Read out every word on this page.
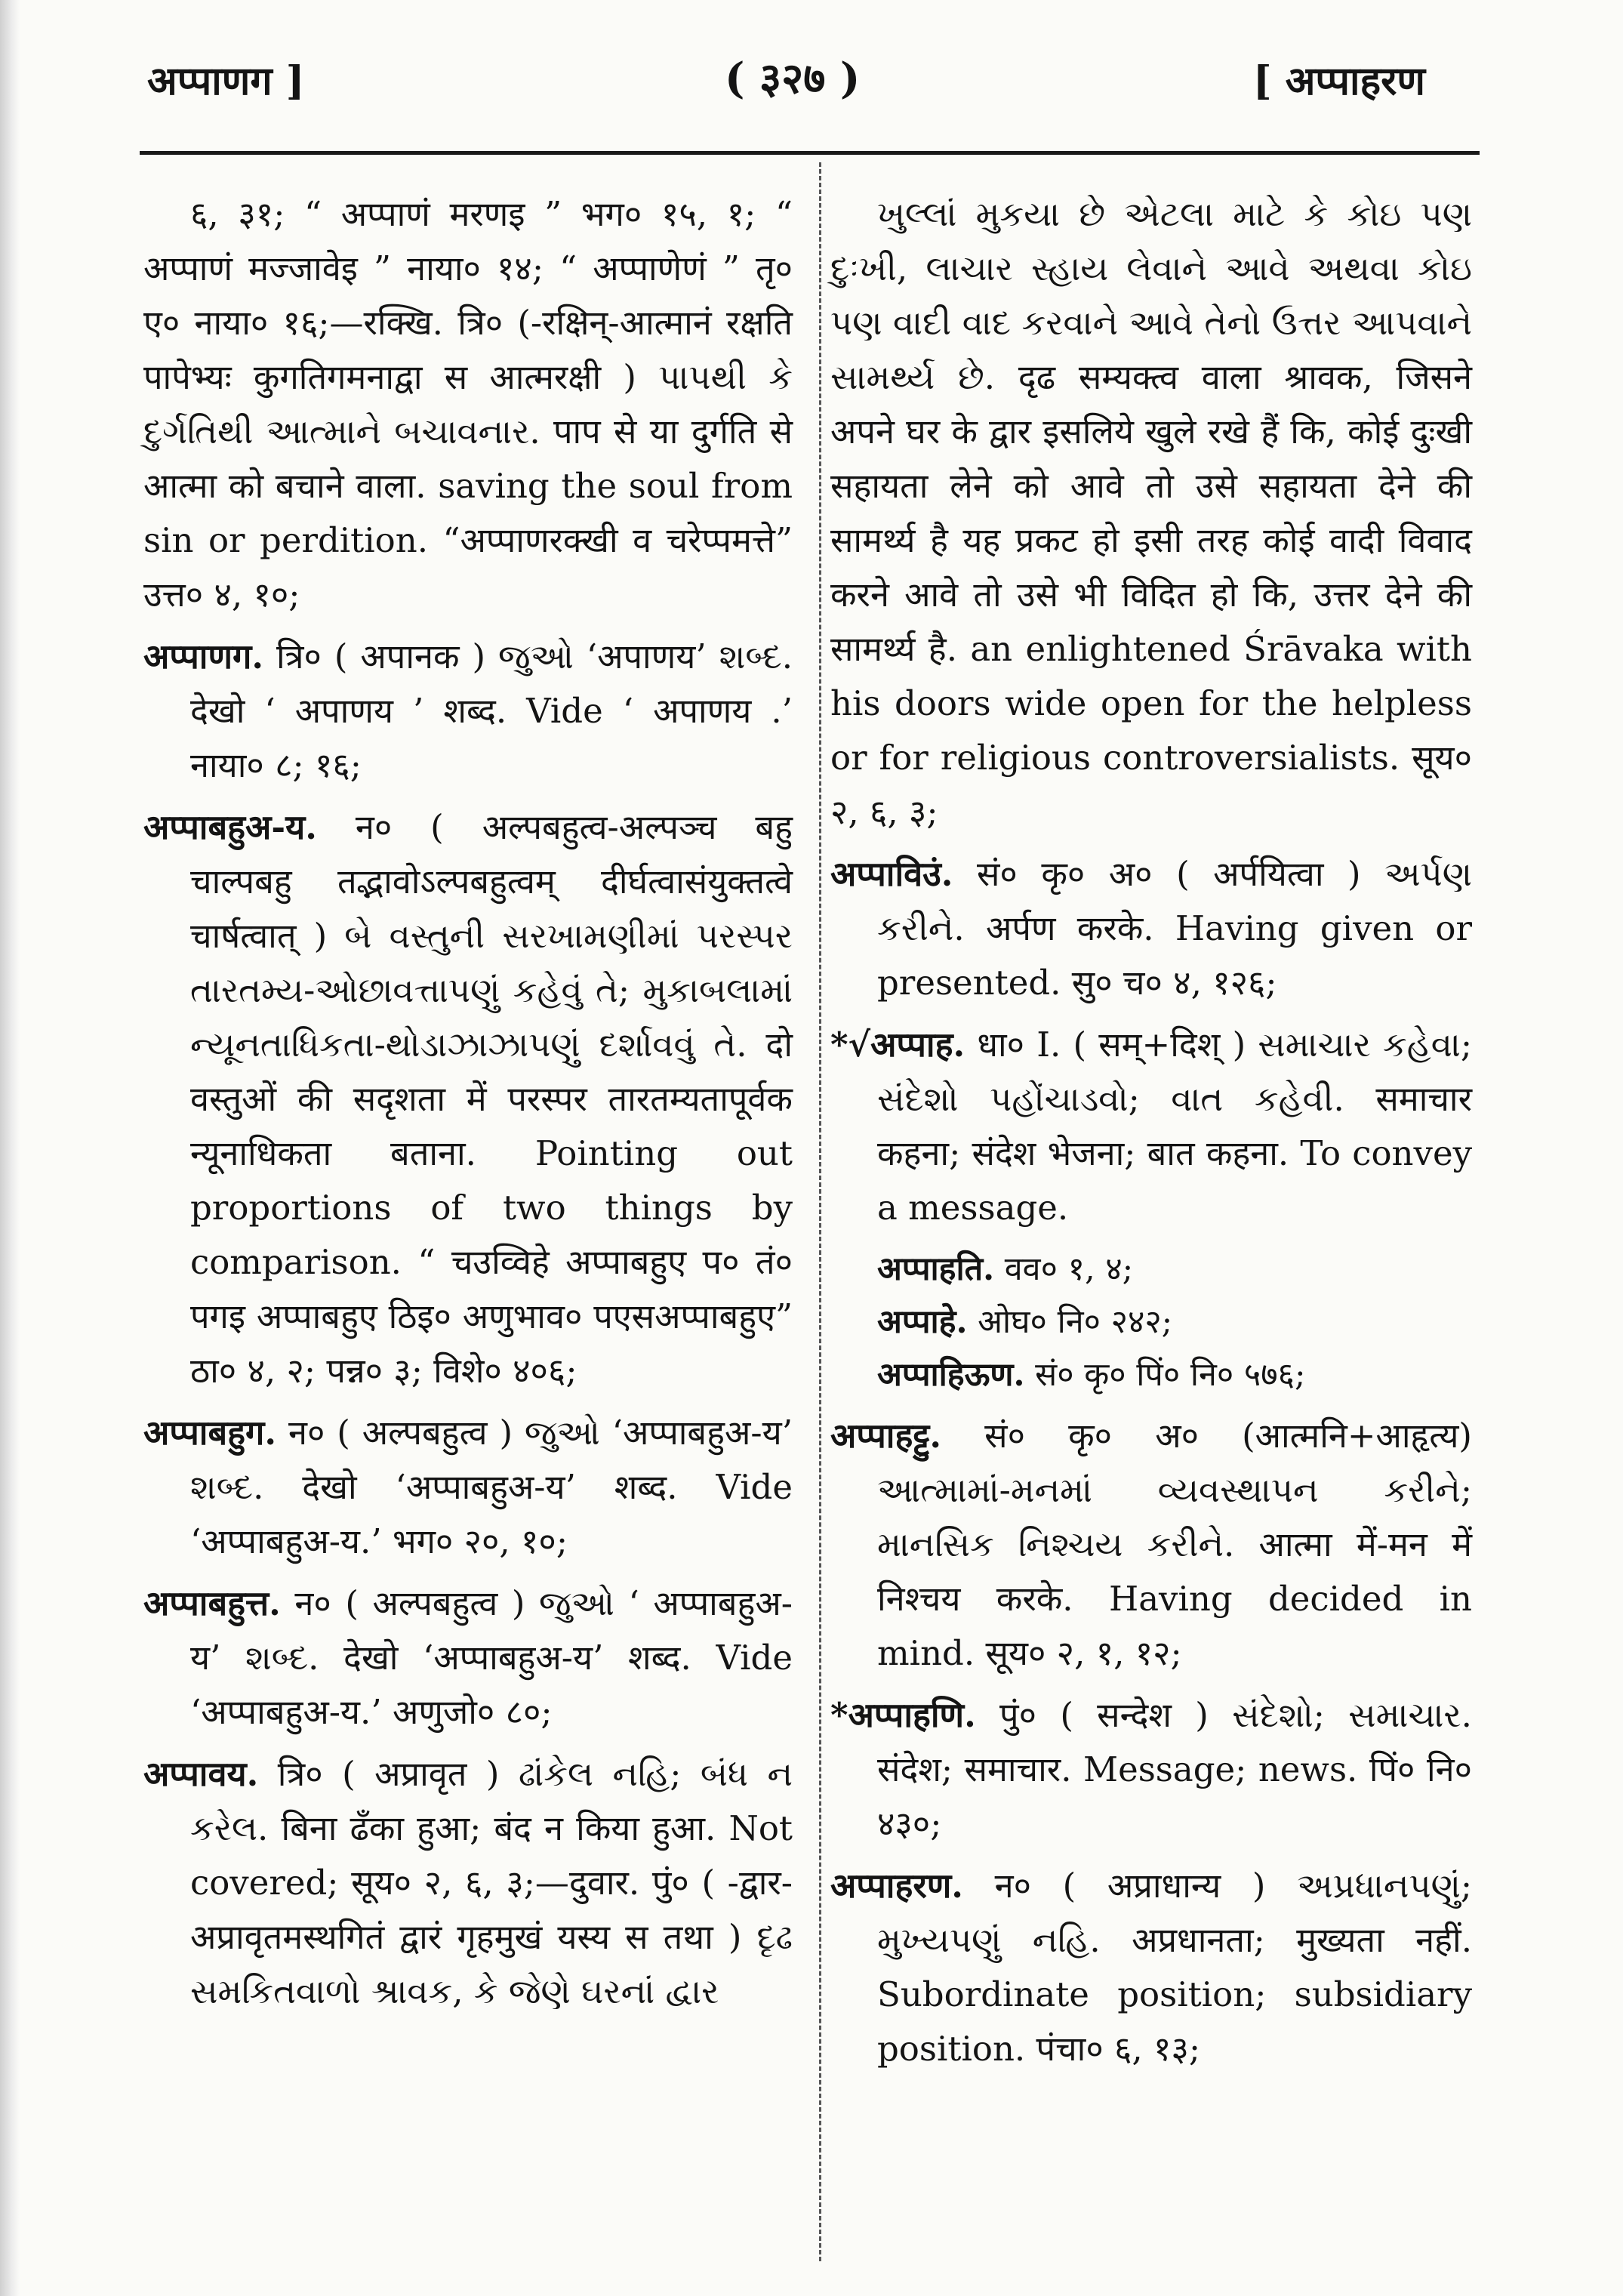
अप्पाणग ]	( ३२७ )	[ अप्पाहरण
६, ३१; “ अप्पाणं मरणइ ” भग० १५, १; “ अप्पाणं मज्जावेइ ” नाया० १४; “ अप्पाणेणं ” तृ० ए० नाया० १६;—रक्खि. त्रि० (-रक्षिन्-आत्मानं रक्षति पापेभ्यः कुगतिगमनाद्वा स आत्मरक्षी ) પાપથી કે દુર્ગતિથી આત્માને બચાવનાર. पाप से या दुर्गति से आत्मा को बचाने वाला. saving the soul from sin or perdition. “अप्पाणरक्खी व चरेप्पमत्ते” उत्त० ४, १०;
अप्पाणग. त्रि० ( अपानक ) જુઓ ‘अपाणय’ શબ્દ. देखो ‘ अपाणय ’ शब्द. Vide ‘ अपाणय .’ नाया० ८; १६;
अप्पाबहुअ-य. न० ( अल्पबहुत्व-अल्पञ्च बहु चाल्पबहु तद्भावोऽल्पबहुत्वम् दीर्घत्वासंयुक्तत्वे चार्षत्वात् ) બે વસ્તુની સરખામણીમાં પરસ્પર તારતમ્ય-ઓછાવત્તાપણું કહેવું તે; મુકાબલામાં ન્યૂનતાધિકતા-થોડાઝાઝાપણું દર્શાવવું તે. दो वस्तुओं की सदृशता में परस्पर तारतम्यतापूर्वक न्यूनाधिकता बताना. Pointing out proportions of two things by comparison. “ चउव्विहे अप्पाबहुए प० तं० पगइ अप्पाबहुए ठिइ० अणुभाव० पएसअप्पाबहुए” ठा० ४, २; पन्न० ३; विशे० ४०६;
अप्पाबहुग. न० ( अल्पबहुत्व ) જુઓ ‘अप्पाबहुअ-य’ શબ્દ. देखो ‘अप्पाबहुअ-य’ शब्द. Vide ‘अप्पाबहुअ-य.’ भग० २०, १०;
अप्पाबहुत्त. न० ( अल्पबहुत्व ) જુઓ ‘ अप्पाबहुअ-य’ શબ્દ. देखो ‘अप्पाबहुअ-य’ शब्द. Vide ‘अप्पाबहुअ-य.’ अणुजो० ८०;
अप्पावय. त्रि० ( अप्रावृत ) ઢાંકેલ નહિ; બંધ ન કરેલ. बिना ढँका हुआ; बंद न किया हुआ. Not covered; सूय० २, ६, ३;—दुवार. पुं० ( -द्वार-अप्रावृतमस्थगितं द्वारं गृहमुखं यस्य स तथा ) દૃઢ સમકિતવાળો શ્રાવક, કે જેણે ઘરનાં દ્વાર
ખુલ્લાં મુકયા છે એટલા માટે કે કોઇ પણ દુઃખી, લાચાર સ્હાય લેવાને આવે અથવા કોઇ પણ વાદી વાદ કરવાને આવે તેનો ઉત્તર આપવાને સામર્થ્ય છે. दृढ सम्यक्त्व वाला श्रावक, जिसने अपने घर के द्वार इसलिये खुले रखे हैं कि, कोई दुःखी सहायता लेने को आवे तो उसे सहायता देने की सामर्थ्य है यह प्रकट हो इसी तरह कोई वादी विवाद करने आवे तो उसे भी विदित हो कि, उत्तर देने की सामर्थ्य है. an enlightened Śrāvaka with his doors wide open for the helpless or for religious controversialists. सूय० २, ६, ३;
अप्पाविउं. सं० कृ० अ० ( अर्पयित्वा ) અર્પણ કરીને. अर्पण करके. Having given or presented. सु० च० ४, १२६;
*√अप्पाह. धा० I. ( सम्+दिश् ) સમાચાર કહેવા; સંદેશો પહોંચાડવો; વાત કહેવી. समाचार कहना; संदेश भेजना; बात कहना. To convey a message.
अप्पाहति. वव० १, ४;
अप्पाहे. ओघ० नि० २४२;
अप्पाहिऊण. सं० कृ० पिं० नि० ५७६;
अप्पाहट्टु. सं० कृ० अ० (आत्मनि+आहृत्य) આત્મામાં-મનમાં વ્યવસ્થાપન કરીને; માનસિક નિશ્ચય કરીને. आत्मा में-मन में निश्चय करके. Having decided in mind. सूय० २, १, १२;
*अप्पाहणि. पुं० ( सन्देश ) સંદેશો; સમાચાર. संदेश; समाचार. Message; news. पिं० नि० ४३०;
अप्पाहरण. न० ( अप्राधान्य ) અપ્રધાનપણું; મુખ્યપણું નહિ. अप्रधानता; मुख्यता नहीं. Subordinate position; subsidiary position. पंचा० ६, १३;
